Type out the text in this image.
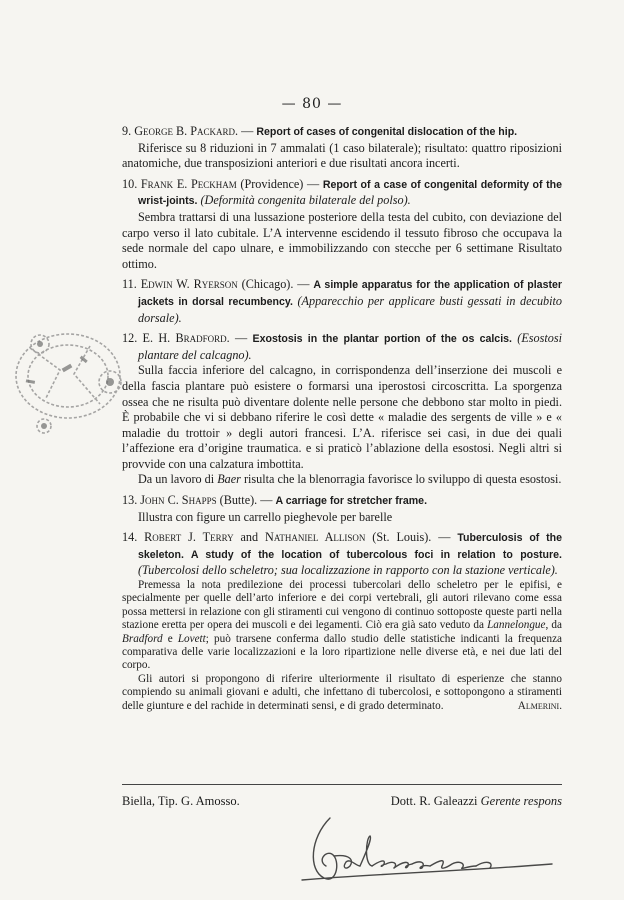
— 80 —
9. George B. Packard. — Report of cases of congenital dislocation of the hip.
Riferisce su 8 riduzioni in 7 ammalati (1 caso bilaterale); risultato: quattro riposizioni anatomiche, due transposizioni anteriori e due risultati ancora incerti.
10. Frank E. Peckham (Providence) — Report of a case of congenital deformity of the wrist-joints. (Deformità congenita bilaterale del polso).
Sembra trattarsi di una lussazione posteriore della testa del cubito, con deviazione del carpo verso il lato cubitale. L’A intervenne escidendo il tessuto fibroso che occupava la sede normale del capo ulnare, e immobilizzando con stecche per 6 settimane Risultato ottimo.
11. Edwin W. Ryerson (Chicago). — A simple apparatus for the application of plaster jackets in dorsal recumbency. (Apparecchio per applicare busti gessati in decubito dorsale).
12. E. H. Bradford. — Exostosis in the plantar portion of the os calcis. (Esostosi plantare del calcagno).
Sulla faccia inferiore del calcagno, in corrispondenza dell’inserzione dei muscoli e della fascia plantare può esistere o formarsi una iperostosi circoscritta. La sporgenza ossea che ne risulta può diventare dolente nelle persone che debbono star molto in piedi. È probabile che vi si debbano riferire le così dette « maladie des sergents de ville » e « maladie du trottoir » degli autori francesi. L’A. riferisce sei casi, in due dei quali l’affezione era d’origine traumatica. e si praticò l’ablazione della esostosi. Negli altri si provvide con una calzatura imbottita.
Da un lavoro di Baer risulta che la blenorragia favorisce lo sviluppo di questa esostosi.
13. John C. Shapps (Butte). — A carriage for stretcher frame.
Illustra con figure un carrello pieghevole per barelle
14. Robert J. Terry and Nathaniel Allison (St. Louis). — Tuberculosis of the skeleton. A study of the location of tubercolous foci in relation to posture. (Tubercolosi dello scheletro; sua localizzazione in rapporto con la stazione verticale).
Premessa la nota predilezione dei processi tubercolari dello scheletro per le epifisi, e specialmente per quelle dell’arto inferiore e dei corpi vertebrali, gli autori rilevano come essa possa mettersi in relazione con gli stiramenti cui vengono di continuo sottoposte queste parti nella stazione eretta per opera dei muscoli e dei legamenti. Ciò era già sato veduto da Lannelongue, da Bradford e Lovett; può trarsene conferma dallo studio delle statistiche indicanti la frequenza comparativa delle varie localizzazioni e la loro ripartizione nelle diverse età, e nei due lati del corpo.
Gli autori si propongono di riferire ulteriormente il risultato di esperienze che stanno compiendo su animali giovani e adulti, che infettano di tubercolosi, e sottopongono a stiramenti delle giunture e del rachide in determinati sensi, e di grado determinato.	Almerini.
Biella, Tip. G. Amosso.	Dott. R. Galeazzi Gerente respons
